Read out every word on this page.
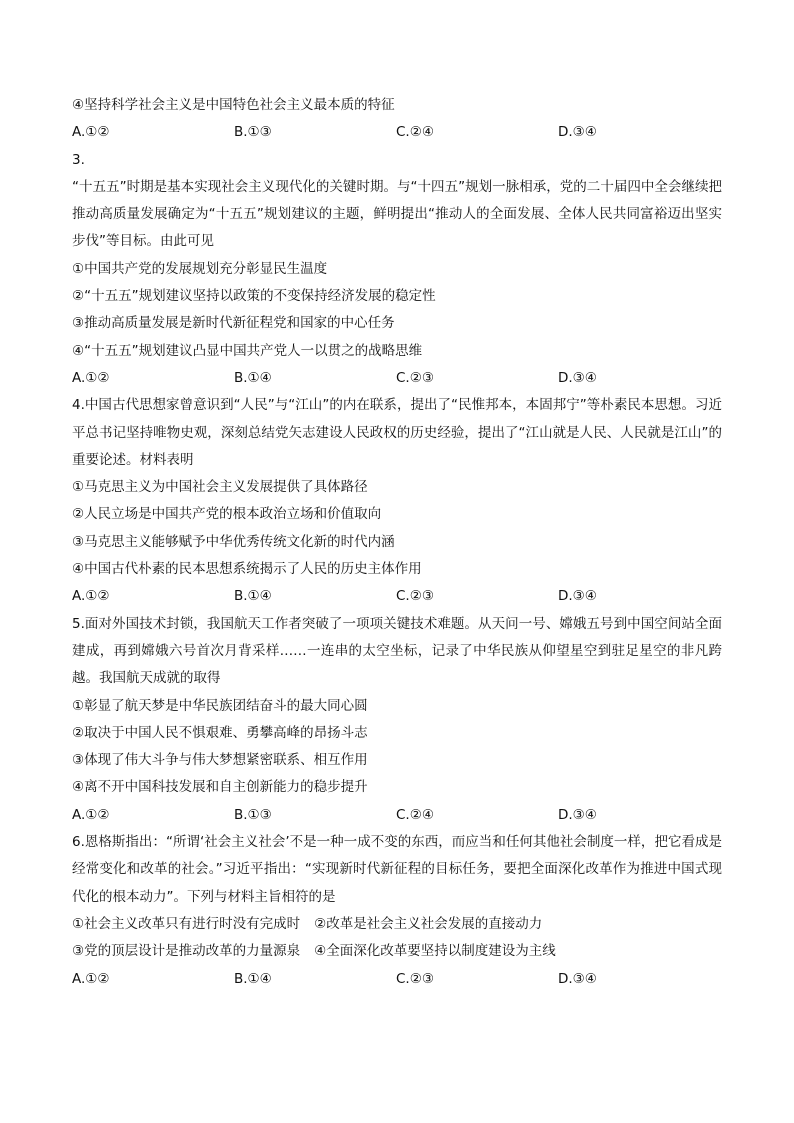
④坚持科学社会主义是中国特色社会主义最本质的特征
A.①②	B.①③	C.②④	D.③④
3.
“十五五”时期是基本实现社会主义现代化的关键时期。与“十四五”规划一脉相承，党的二十届四中全会继续把推动高质量发展确定为“十五五”规划建议的主题，鲜明提出“推动人的全面发展、全体人民共同富裕迈出坚实步伐”等目标。由此可见
①中国共产党的发展规划充分彰显民生温度
②“十五五”规划建议坚持以政策的不变保持经济发展的稳定性
③推动高质量发展是新时代新征程党和国家的中心任务
④“十五五”规划建议凸显中国共产党人一以贯之的战略思维
A.①②	B.①④	C.②③	D.③④
4.中国古代思想家曾意识到“人民”与“江山”的内在联系，提出了“民惟邦本，本固邦宁”等朴素民本思想。习近平总书记坚持唯物史观，深刻总结党矢志建设人民政权的历史经验，提出了“江山就是人民、人民就是江山”的重要论述。材料表明
①马克思主义为中国社会主义发展提供了具体路径
②人民立场是中国共产党的根本政治立场和价值取向
③马克思主义能够赋予中华优秀传统文化新的时代内涵
④中国古代朴素的民本思想系统揭示了人民的历史主体作用
A.①②	B.①④	C.②③	D.③④
5.面对外国技术封锁，我国航天工作者突破了一项项关键技术难题。从天问一号、嫦娥五号到中国空间站全面建成，再到嫦娥六号首次月背采样……一连串的太空坐标，记录了中华民族从仰望星空到驻足星空的非凡跨越。我国航天成就的取得
①彰显了航天梦是中华民族团结奋斗的最大同心圆
②取决于中国人民不惧艰难、勇攀高峰的昂扬斗志
③体现了伟大斗争与伟大梦想紧密联系、相互作用
④离不开中国科技发展和自主创新能力的稳步提升
A.①②	B.①③	C.②④	D.③④
6.恩格斯指出：“所谓‘社会主义社会’不是一种一成不变的东西，而应当和任何其他社会制度一样，把它看成是经常变化和改革的社会。”习近平指出：“实现新时代新征程的目标任务，要把全面深化改革作为推进中国式现代化的根本动力”。下列与材料主旨相符的是
①社会主义改革只有进行时没有完成时 ②改革是社会主义社会发展的直接动力
③党的顶层设计是推动改革的力量源泉 ④全面深化改革要坚持以制度建设为主线
A.①②	B.①④	C.②③	D.③④
